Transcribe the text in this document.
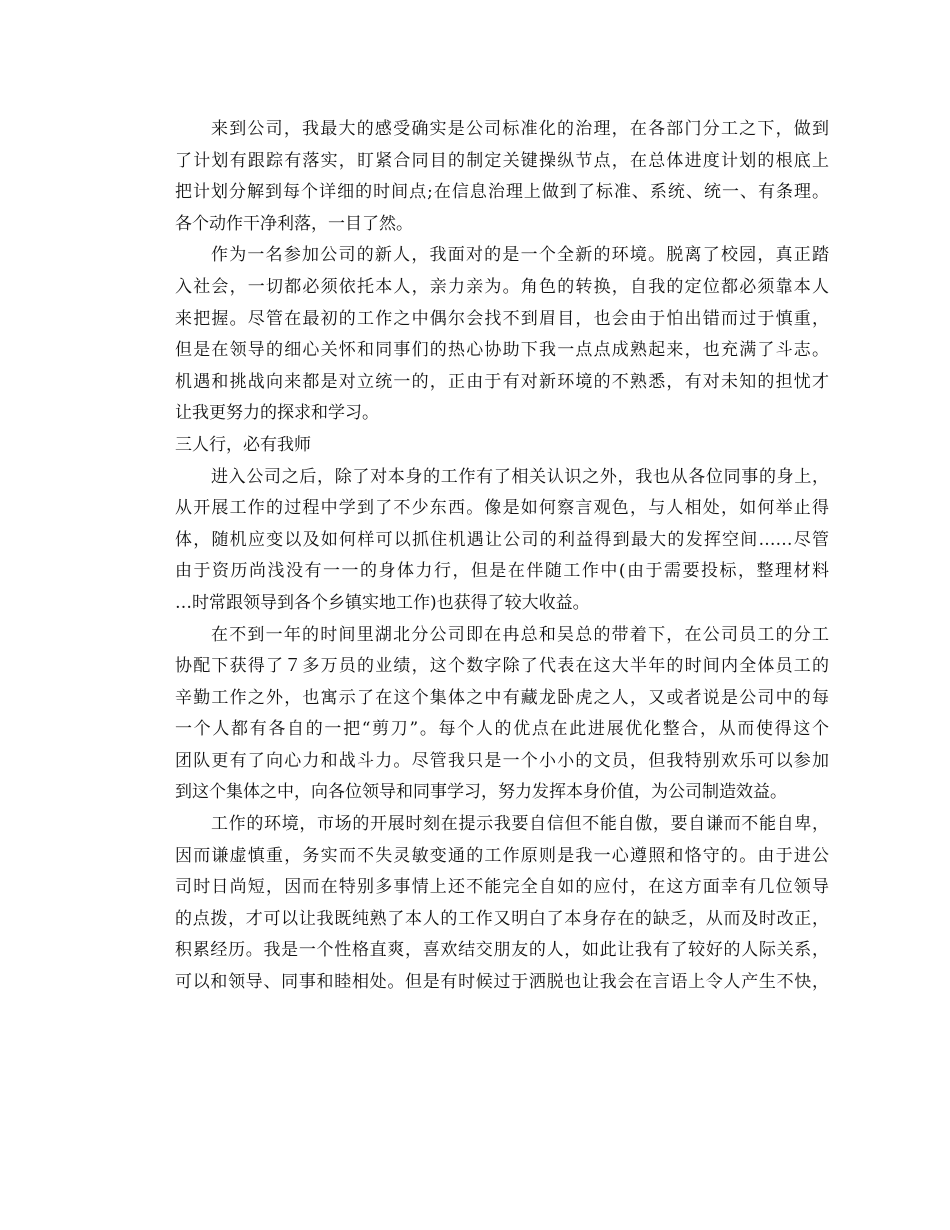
来到公司，我最大的感受确实是公司标准化的治理，在各部门分工之下，做到
了计划有跟踪有落实，盯紧合同目的制定关键操纵节点，在总体进度计划的根底上
把计划分解到每个详细的时间点;在信息治理上做到了标准、系统、统一、有条理。
各个动作干净利落，一目了然。
作为一名参加公司的新人，我面对的是一个全新的环境。脱离了校园，真正踏
入社会，一切都必须依托本人，亲力亲为。角色的转换，自我的定位都必须靠本人
来把握。尽管在最初的工作之中偶尔会找不到眉目，也会由于怕出错而过于慎重，
但是在领导的细心关怀和同事们的热心协助下我一点点成熟起来，也充满了斗志。
机遇和挑战向来都是对立统一的，正由于有对新环境的不熟悉，有对未知的担忧才
让我更努力的探求和学习。
三人行，必有我师
进入公司之后，除了对本身的工作有了相关认识之外，我也从各位同事的身上，
从开展工作的过程中学到了不少东西。像是如何察言观色，与人相处，如何举止得
体，随机应变以及如何样可以抓住机遇让公司的利益得到最大的发挥空间……尽管
由于资历尚浅没有一一的身体力行，但是在伴随工作中(由于需要投标，整理材料
…时常跟领导到各个乡镇实地工作)也获得了较大收益。
在不到一年的时间里湖北分公司即在冉总和吴总的带着下，在公司员工的分工
协配下获得了７多万员的业绩，这个数字除了代表在这大半年的时间内全体员工的
辛勤工作之外，也寓示了在这个集体之中有藏龙卧虎之人，又或者说是公司中的每
一个人都有各自的一把“剪刀”。每个人的优点在此进展优化整合，从而使得这个
团队更有了向心力和战斗力。尽管我只是一个小小的文员，但我特别欢乐可以参加
到这个集体之中，向各位领导和同事学习，努力发挥本身价值，为公司制造效益。
工作的环境，市场的开展时刻在提示我要自信但不能自傲，要自谦而不能自卑，
因而谦虚慎重，务实而不失灵敏变通的工作原则是我一心遵照和恪守的。由于进公
司时日尚短，因而在特别多事情上还不能完全自如的应付，在这方面幸有几位领导
的点拨，才可以让我既纯熟了本人的工作又明白了本身存在的缺乏，从而及时改正，
积累经历。我是一个性格直爽，喜欢结交朋友的人，如此让我有了较好的人际关系，
可以和领导、同事和睦相处。但是有时候过于洒脱也让我会在言语上令人产生不快，
